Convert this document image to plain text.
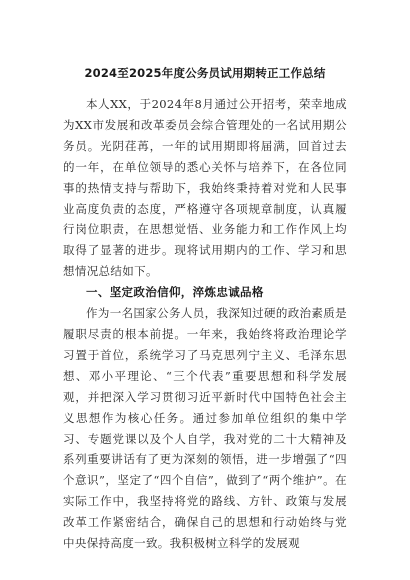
2024至2025年度公务员试用期转正工作总结

本人XX，于2024年8月通过公开招考，荣幸地成为XX市发展和改革委员会综合管理处的一名试用期公务员。光阴荏苒，一年的试用期即将届满，回首过去的一年，在单位领导的悉心关怀与培养下，在各位同事的热情支持与帮助下，我始终秉持着对党和人民事业高度负责的态度，严格遵守各项规章制度，认真履行岗位职责，在思想觉悟、业务能力和工作作风上均取得了显著的进步。现将试用期内的工作、学习和思想情况总结如下。

一、坚定政治信仰，淬炼忠诚品格

作为一名国家公务人员，我深知过硬的政治素质是履职尽责的根本前提。一年来，我始终将政治理论学习置于首位，系统学习了马克思列宁主义、毛泽东思想、邓小平理论、“三个代表”重要思想和科学发展观，并把深入学习贯彻习近平新时代中国特色社会主义思想作为核心任务。通过参加单位组织的集中学习、专题党课以及个人自学，我对党的二十大精神及系列重要讲话有了更为深刻的领悟，进一步增强了“四个意识”，坚定了“四个自信”，做到了“两个维护”。在实际工作中，我坚持将党的路线、方针、政策与发展改革工作紧密结合，确保自己的思想和行动始终与党中央保持高度一致。我积极树立科学的发展观
